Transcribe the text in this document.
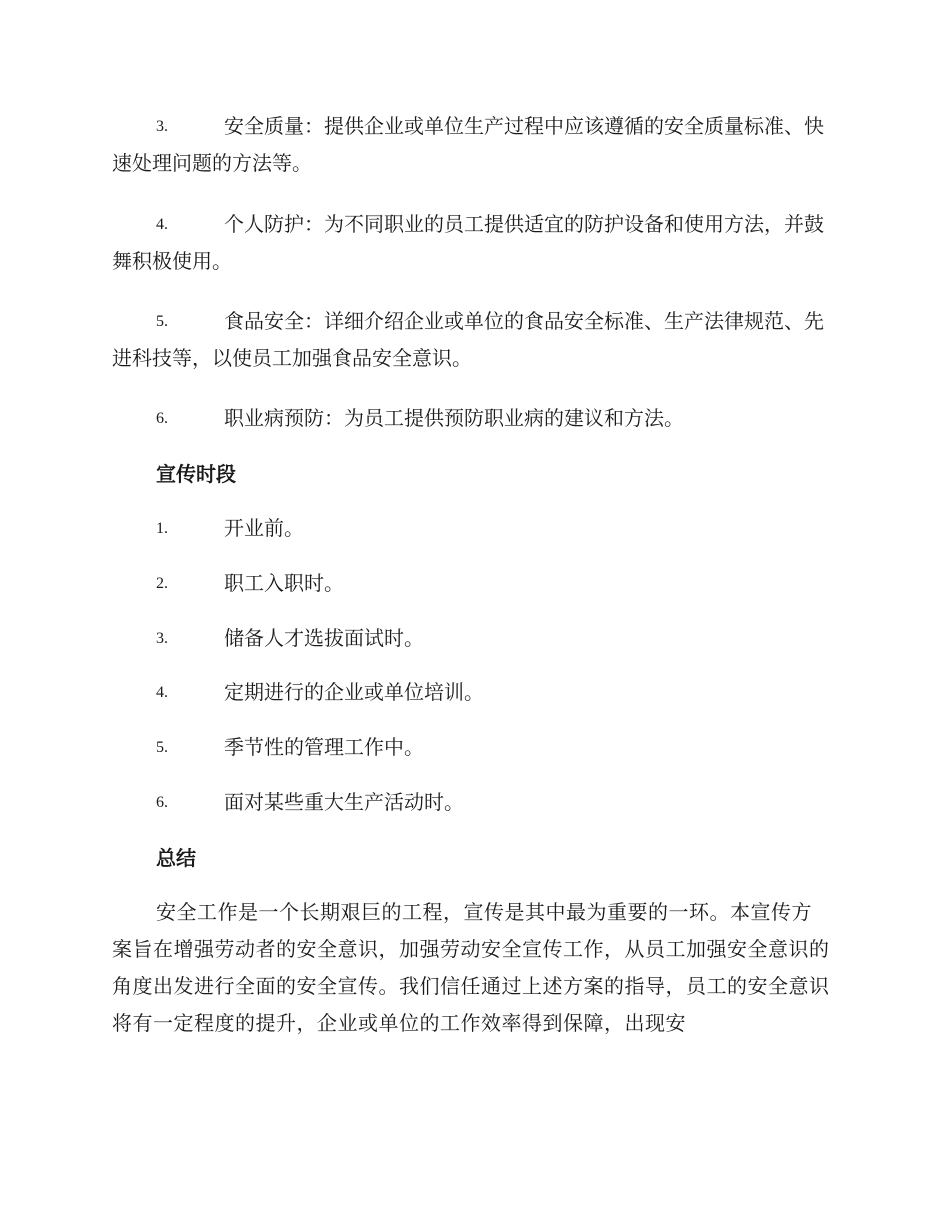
3.	安全质量：提供企业或单位生产过程中应该遵循的安全质量标准、快速处理问题的方法等。
4.	个人防护：为不同职业的员工提供适宜的防护设备和使用方法，并鼓舞积极使用。
5.	食品安全：详细介绍企业或单位的食品安全标准、生产法律规范、先进科技等，以使员工加强食品安全意识。
6.	职业病预防：为员工提供预防职业病的建议和方法。
宣传时段
1.	开业前。
2.	职工入职时。
3.	储备人才选拔面试时。
4.	定期进行的企业或单位培训。
5.	季节性的管理工作中。
6.	面对某些重大生产活动时。
总结
安全工作是一个长期艰巨的工程，宣传是其中最为重要的一环。本宣传方案旨在增强劳动者的安全意识，加强劳动安全宣传工作，从员工加强安全意识的角度出发进行全面的安全宣传。我们信任通过上述方案的指导，员工的安全意识将有一定程度的提升，企业或单位的工作效率得到保障，出现安
